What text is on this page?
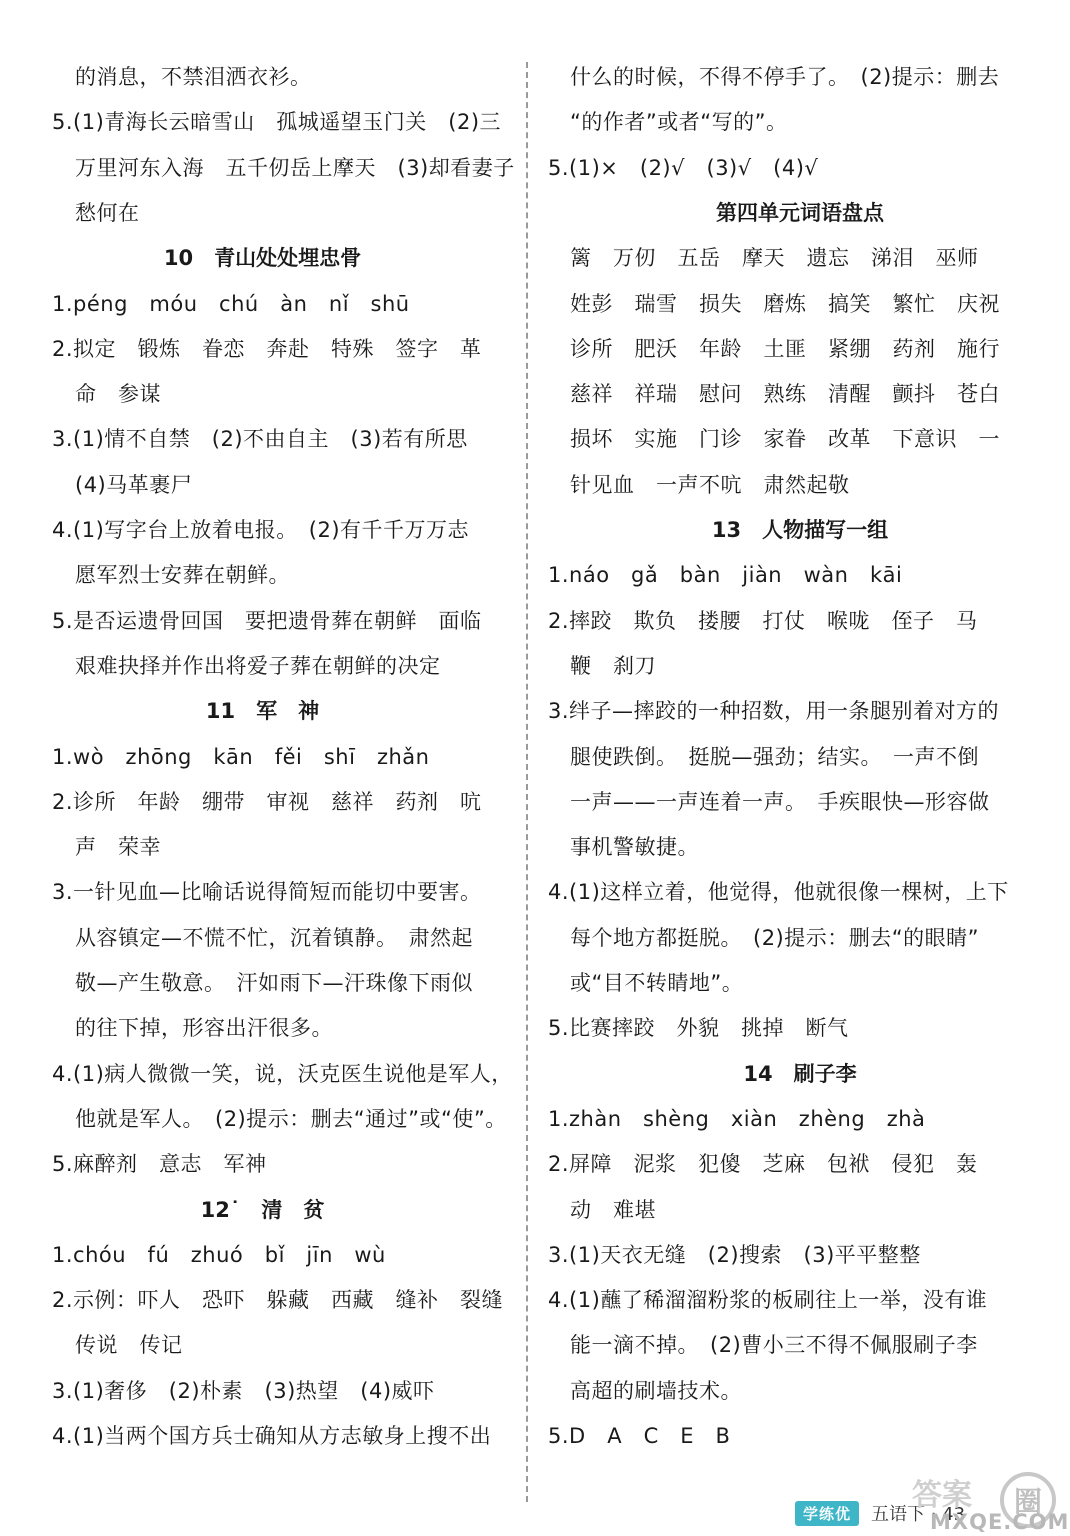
的消息，不禁泪洒衣衫。
5.(1)青海长云暗雪山　孤城遥望玉门关　(2)三
万里河东入海　五千仞岳上摩天　(3)却看妻子
愁何在
10　青山处处埋忠骨
1.péng　móu　chú　àn　nǐ　shū
2.拟定　锻炼　眷恋　奔赴　特殊　签字　革
命　参谋
3.(1)情不自禁　(2)不由自主　(3)若有所思
(4)马革裹尸
4.(1)写字台上放着电报。　(2)有千千万万志
愿军烈士安葬在朝鲜。
5.是否运遗骨回国　要把遗骨葬在朝鲜　面临
艰难抉择并作出将爱子葬在朝鲜的决定
11　军　神
1.wò　zhōng　kān　fěi　shī　zhǎn
2.诊所　年龄　绷带　审视　慈祥　药剂　吭
声　荣幸
3.一针见血—比喻话说得简短而能切中要害。
从容镇定—不慌不忙，沉着镇静。　肃然起
敬—产生敬意。　汗如雨下—汗珠像下雨似
的往下掉，形容出汗很多。
4.(1)病人微微一笑，说，沃克医生说他是军人，
他就是军人。　(2)提示：删去“通过”或“使”。
5.麻醉剂　意志　军神
12˙　清　贫
1.chóu　fú　zhuó　bǐ　jīn　wù
2.示例：吓人　恐吓　躲藏　西藏　缝补　裂缝
传说　传记
3.(1)奢侈　(2)朴素　(3)热望　(4)威吓
4.(1)当两个国方兵士确知从方志敏身上搜不出
什么的时候，不得不停手了。　(2)提示：删去
“的作者”或者“写的”。
5.(1)×　(2)√　(3)√　(4)√
第四单元词语盘点
篱　万仞　五岳　摩天　遗忘　涕泪　巫师
姓彭　瑞雪　损失　磨炼　搞笑　繁忙　庆祝
诊所　肥沃　年龄　土匪　紧绷　药剂　施行
慈祥　祥瑞　慰问　熟练　清醒　颤抖　苍白
损坏　实施　门诊　家眷　改革　下意识　一
针见血　一声不吭　肃然起敬
13　人物描写一组
1.náo　gǎ　bàn　jiàn　wàn　kāi
2.摔跤　欺负　搂腰　打仗　喉咙　侄子　马
鞭　刹刀
3.绊子—摔跤的一种招数，用一条腿别着对方的
腿使跌倒。　挺脱—强劲；结实。　一声不倒
一声——一声连着一声。　手疾眼快—形容做
事机警敏捷。
4.(1)这样立着，他觉得，他就很像一棵树，上下
每个地方都挺脱。　(2)提示：删去“的眼睛”
或“目不转睛地”。
5.比赛摔跤　外貌　挑掉　断气
14　刷子李
1.zhàn　shèng　xiàn　zhèng　zhà
2.屏障　泥浆　犯傻　芝麻　包袱　侵犯　轰
动　难堪
3.(1)天衣无缝　(2)搜索　(3)平平整整
4.(1)蘸了稀溜溜粉浆的板刷往上一举，没有谁
能一滴不掉。　(2)曹小三不得不佩服刷子李
高超的刷墙技术。
5.D　A　C　E　B
学练优	五语下 · 43
答案	圈
MXQE.COM
